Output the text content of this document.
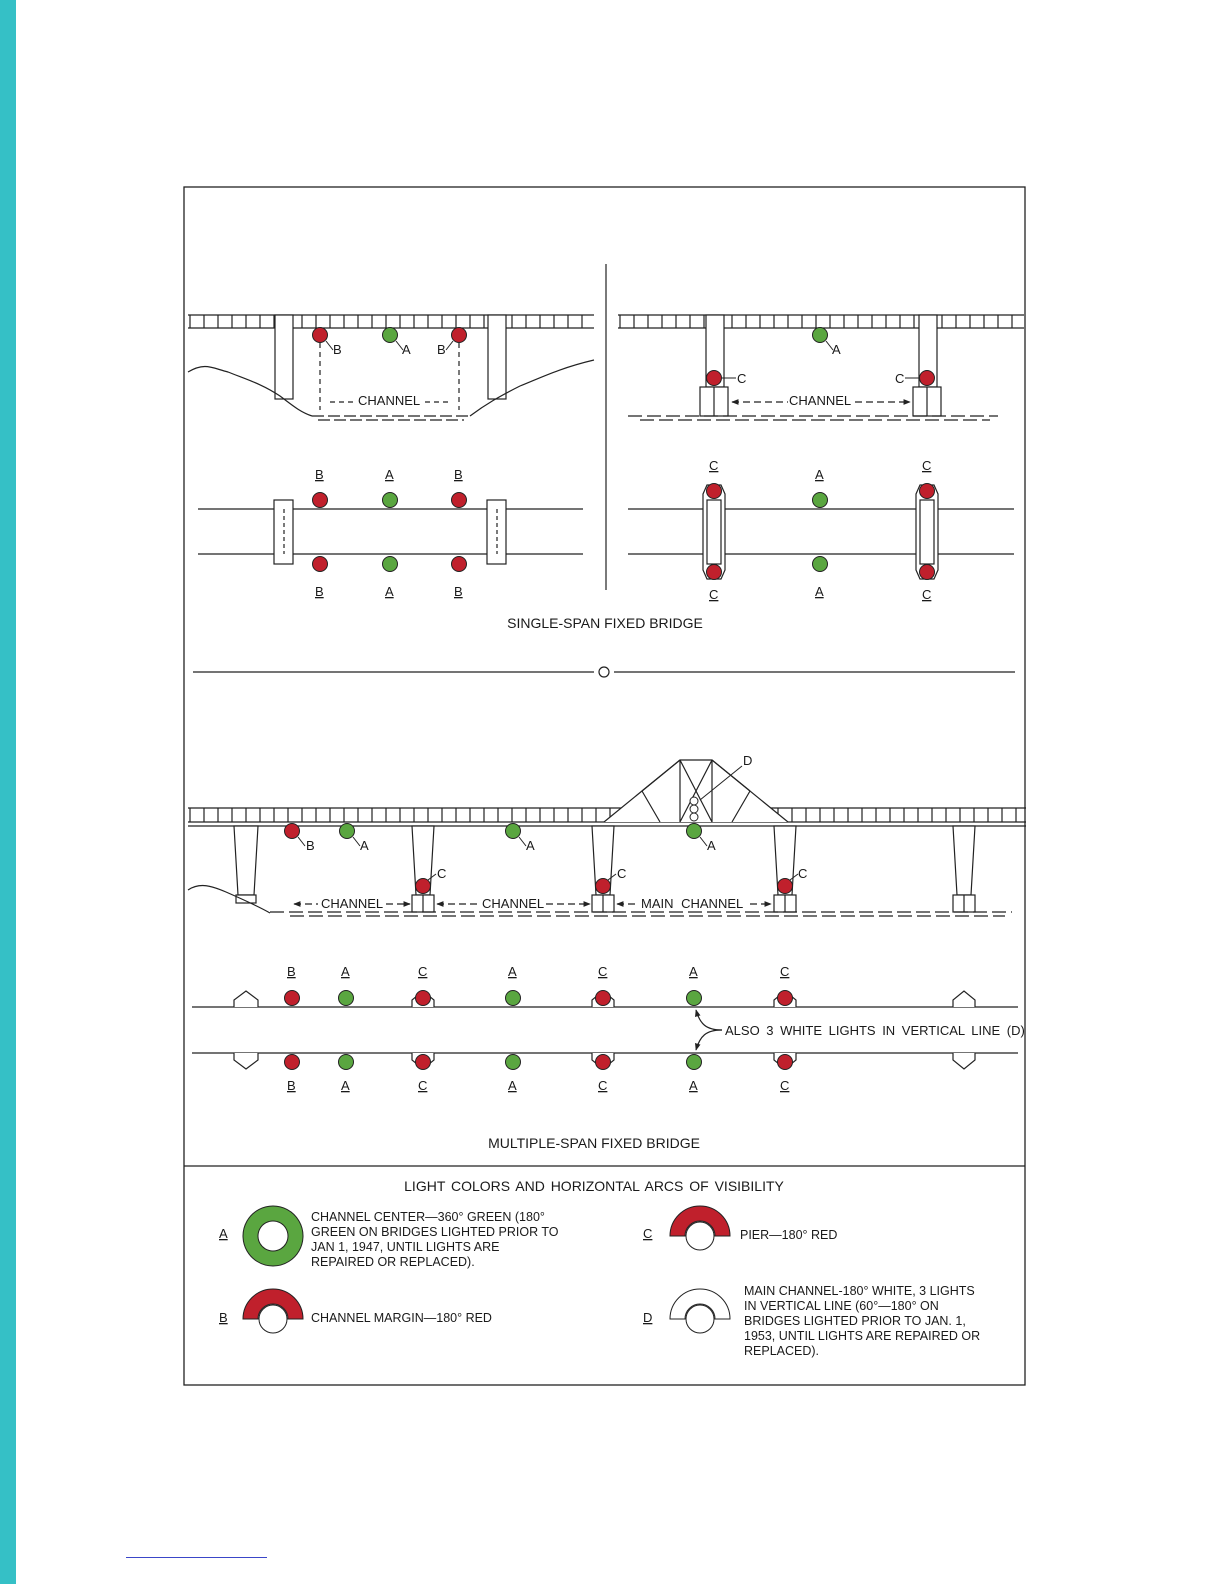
B	A B
CHANNEL
A
C	C
CHANNEL
B	A	B
B	A	B
C
A
C
C	A	C
SINGLE-SPAN FIXED BRIDGE
B	A	A	A
C	C	C
D
CHANNEL	CHANNEL	MAIN CHANNEL
B	A	C	A	C	A	C
B	A	C	A	C	A	C
ALSO 3 WHITE LIGHTS IN VERTICAL LINE (D)
MULTIPLE-SPAN FIXED BRIDGE
LIGHT COLORS AND HORIZONTAL ARCS OF VISIBILITY
A
CHANNEL CENTER—360° GREEN (180°
GREEN ON BRIDGES LIGHTED PRIOR TO
JAN 1, 1947, UNTIL LIGHTS ARE
REPAIRED OR REPLACED).
B	CHANNEL MARGIN—180° RED
C	PIER—180° RED
D
MAIN CHANNEL-180° WHITE, 3 LIGHTS
IN VERTICAL LINE (60°—180° ON
BRIDGES LIGHTED PRIOR TO JAN. 1,
1953, UNTIL LIGHTS ARE REPAIRED OR
REPLACED).
